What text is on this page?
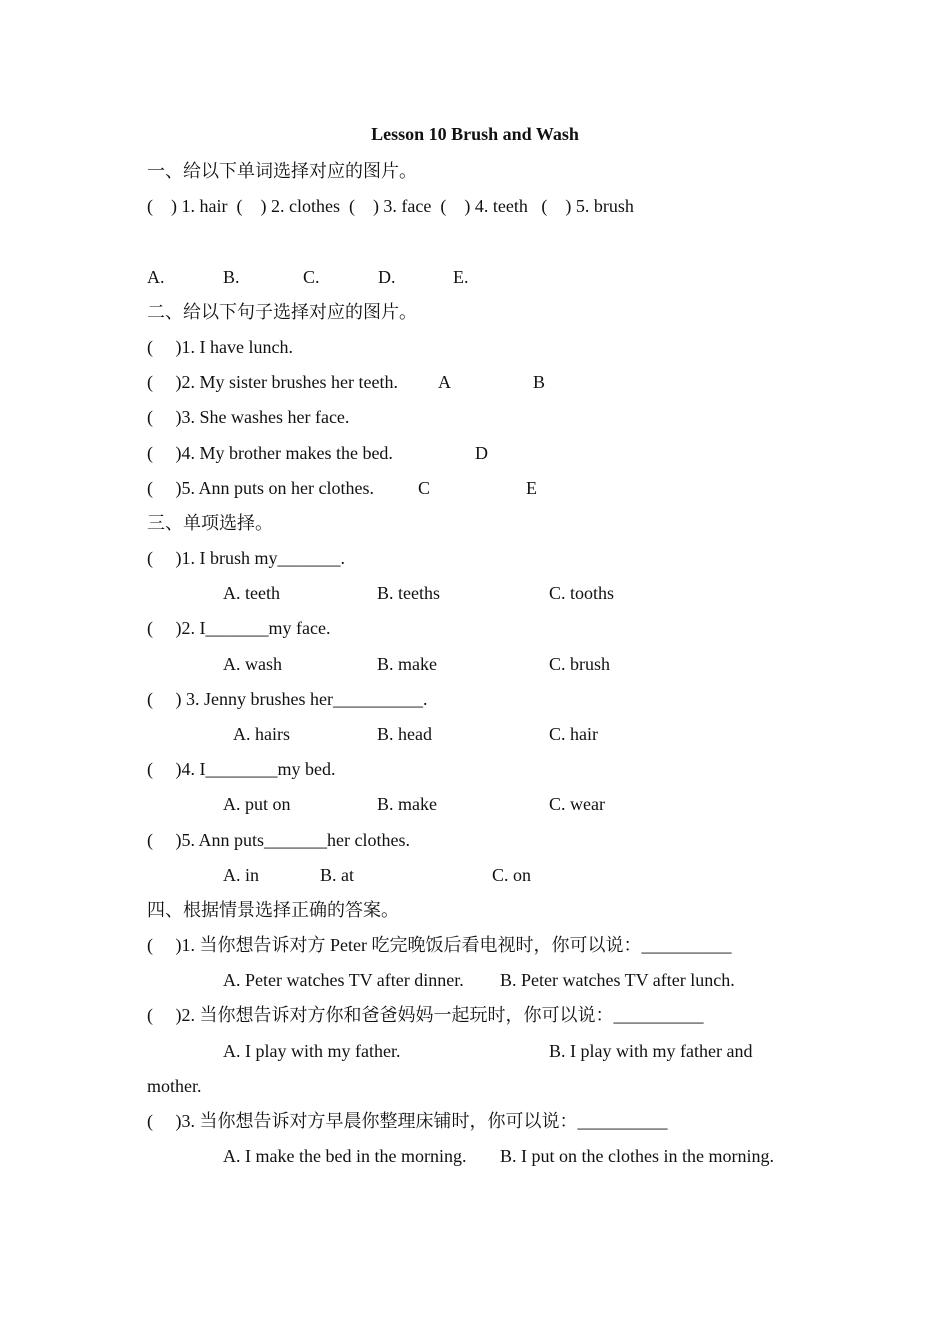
Lesson 10 Brush and Wash
一、给以下单词选择对应的图片。
(    ) 1. hair  (    ) 2. clothes  (    ) 3. face  (    ) 4. teeth   (    ) 5. brush
A.	B.	C.	D.	E.
二、给以下句子选择对应的图片。
(     )1. I have lunch.
(     )2. My sister brushes her teeth. A	B
(     )3. She washes her face.
(     )4. My brother makes the bed.	D
(     )5. Ann puts on her clothes. C	E
三、单项选择。
(     )1. I brush my_______.
A. teeth	B. teeths	C. tooths
(     )2. I_______my face.
A. wash	B. make	C. brush
(     ) 3. Jenny brushes her__________.
A. hairs	B. head	C. hair
(     )4. I________my bed.
A. put on	B. make	C. wear
(     )5. Ann puts_______her clothes.
A. in	B. at	C. on
四、根据情景选择正确的答案。
(     )1. 当你想告诉对方 Peter 吃完晚饭后看电视时，你可以说：__________
A. Peter watches TV after dinner. B. Peter watches TV after lunch.
(     )2. 当你想告诉对方你和爸爸妈妈一起玩时，你可以说：__________
A. I play with my father.	B. I play with my father and
mother.
(     )3. 当你想告诉对方早晨你整理床铺时，你可以说：__________
A. I make the bed in the morning. B. I put on the clothes in the morning.
